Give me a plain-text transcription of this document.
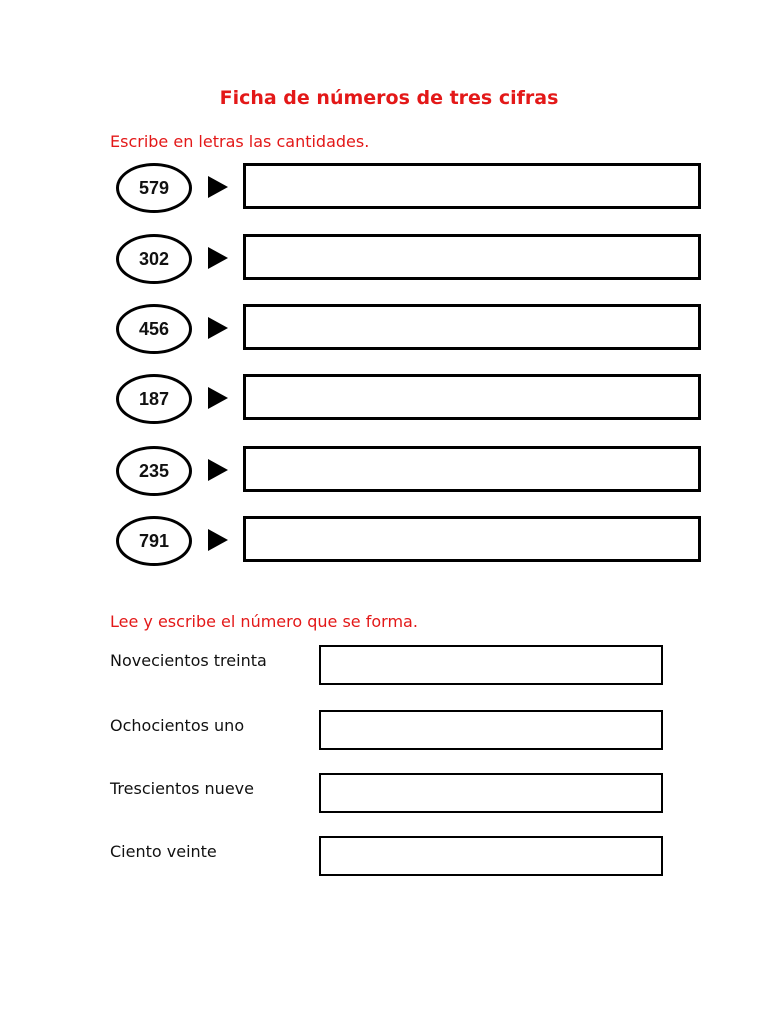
Ficha de números de tres cifras
Escribe en letras las cantidades.
579
302
456
187
235
791
Lee y escribe el número que se forma.
Novecientos treinta
Ochocientos uno
Trescientos nueve
Ciento veinte
